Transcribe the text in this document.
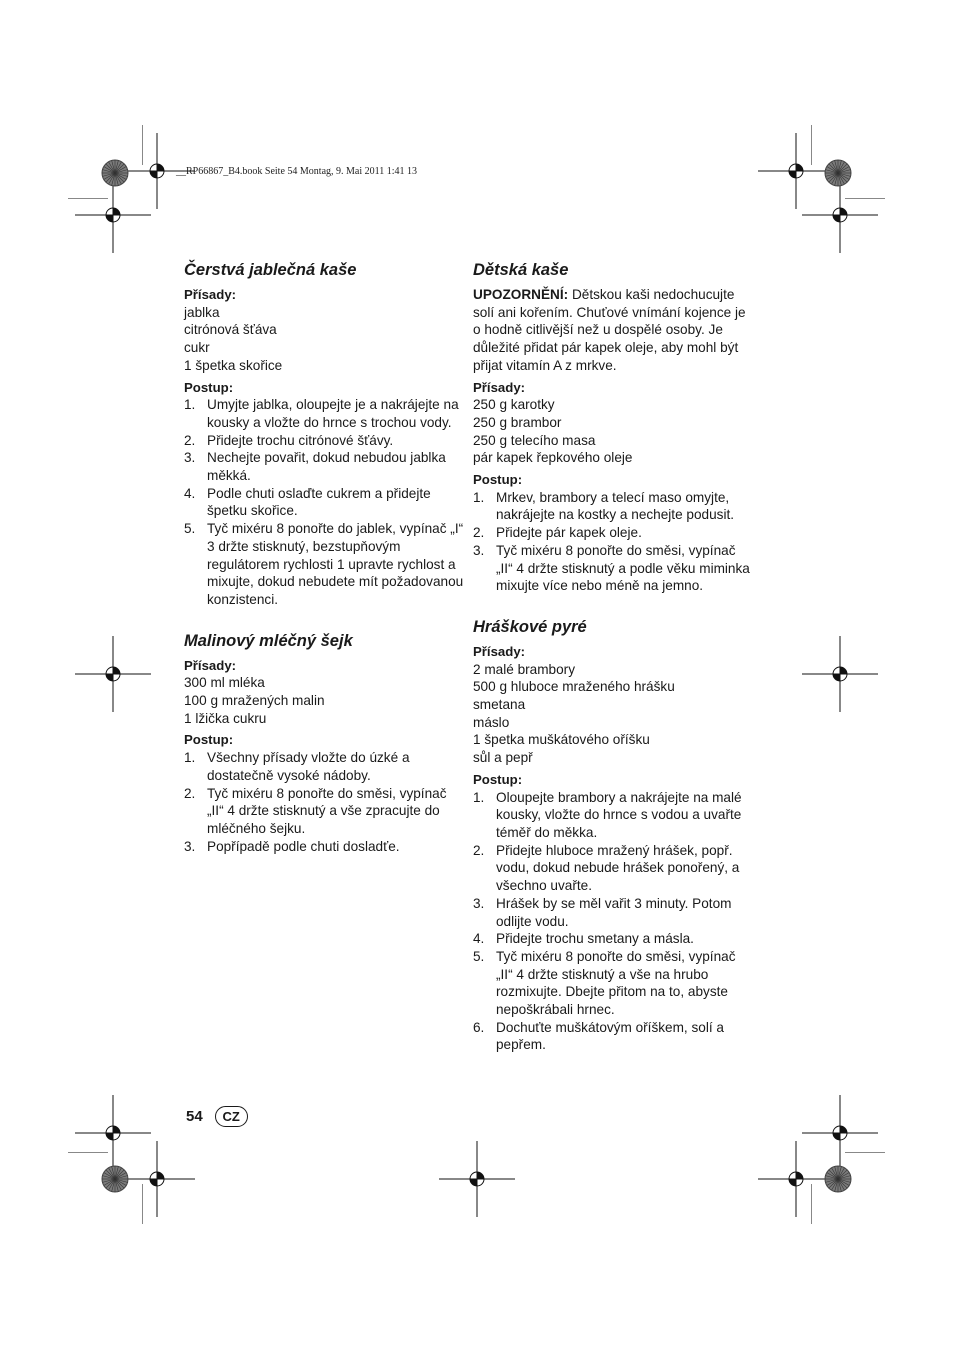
__RP66867_B4.book Seite 54 Montag, 9. Mai 2011 1:41 13
Čerstvá jablečná kaše

Přísady:

jablka
citrónová šťáva
cukr
1 špetka skořice

Postup:

1. Umyjte jablka, oloupejte je a nakrájejte na kousky a vložte do hrnce s trochou vody.
2. Přidejte trochu citrónové šťávy.
3. Nechejte povařit, dokud nebudou jablka měkká.
4. Podle chuti oslaďte cukrem a přidejte špetku skořice.
5. Tyč mixéru 8 ponořte do jablek, vypínač „I“ 3 držte stisknutý, bezstupňovým regulátorem rychlosti 1 upravte rychlost a mixujte, dokud nebudete mít požadovanou konzistenci.
Malinový mléčný šejk

Přísady:

300 ml mléka
100 g mražených malin
1 lžička cukru

Postup:

1. Všechny přísady vložte do úzké a dostatečně vysoké nádoby.
2. Tyč mixéru 8 ponořte do směsi, vypínač „II“ 4 držte stisknutý a vše zpracujte do mléčného šejku.
3. Popřípadě podle chuti dosladťe.
Dětská kaše

UPOZORNĚNÍ: Dětskou kaši nedochucujte solí ani kořením. Chuťové vnímání kojence je o hodně citlivější než u dospělé osoby. Je důležité přidat pár kapek oleje, aby mohl být přijat vitamín A z mrkve.

Přísady:

250 g karotky
250 g brambor
250 g telecího masa
pár kapek řepkového oleje

Postup:

1. Mrkev, brambory a telecí maso omyjte, nakrájejte na kostky a nechejte podusit.
2. Přidejte pár kapek oleje.
3. Tyč mixéru 8 ponořte do směsi, vypínač „II“ 4 držte stisknutý a podle věku miminka mixujte více nebo méně na jemno.
Hráškové pyré

Přísady:

2 malé brambory
500 g hluboce mraženého hrášku
smetana
máslo
1 špetka muškátového oříšku
sůl a pepř

Postup:

1. Oloupejte brambory a nakrájejte na malé kousky, vložte do hrnce s vodou a uvařte téměř do měkka.
2. Přidejte hluboce mražený hrášek, popř. vodu, dokud nebude hrášek ponořený, a všechno uvařte.
3. Hrášek by se měl vařit 3 minuty. Potom odlijte vodu.
4. Přidejte trochu smetany a másla.
5. Tyč mixéru 8 ponořte do směsi, vypínač „II“ 4 držte stisknutý a vše na hrubo rozmixujte. Dbejte přitom na to, abyste nepoškrábali hrnec.
6. Dochuťte muškátovým oříškem, solí a pepřem.
54	CZ
